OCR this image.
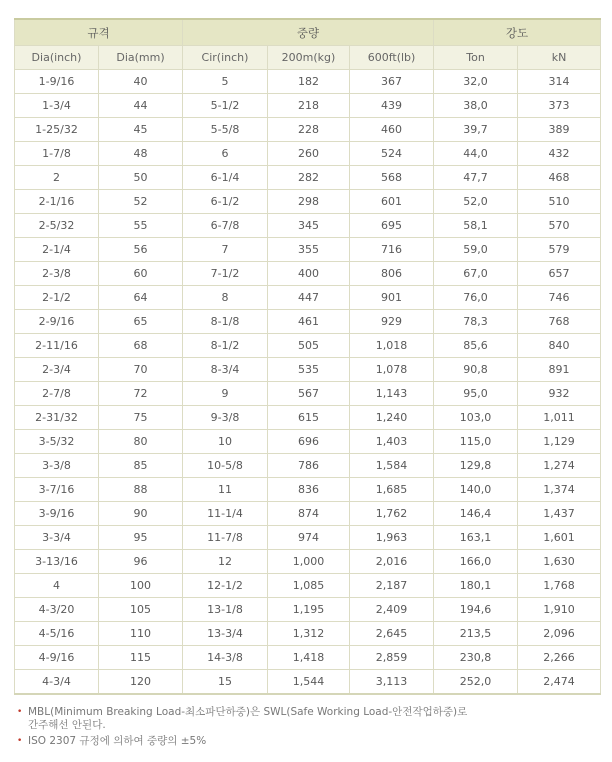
규격		중량			강도	
Dia(inch)	Dia(mm)	Cir(inch)	200m(kg)	600ft(lb)	Ton	kN
1-9/16	40	5	182	367	32,0	314
1-3/4	44	5-1/2	218	439	38,0	373
1-25/32	45	5-5/8	228	460	39,7	389
1-7/8	48	6	260	524	44,0	432
2	50	6-1/4	282	568	47,7	468
2-1/16	52	6-1/2	298	601	52,0	510
2-5/32	55	6-7/8	345	695	58,1	570
2-1/4	56	7	355	716	59,0	579
2-3/8	60	7-1/2	400	806	67,0	657
2-1/2	64	8	447	901	76,0	746
2-9/16	65	8-1/8	461	929	78,3	768
2-11/16	68	8-1/2	505	1,018	85,6	840
2-3/4	70	8-3/4	535	1,078	90,8	891
2-7/8	72	9	567	1,143	95,0	932
2-31/32	75	9-3/8	615	1,240	103,0	1,011
3-5/32	80	10	696	1,403	115,0	1,129
3-3/8	85	10-5/8	786	1,584	129,8	1,274
3-7/16	88	11	836	1,685	140,0	1,374
3-9/16	90	11-1/4	874	1,762	146,4	1,437
3-3/4	95	11-7/8	974	1,963	163,1	1,601
3-13/16	96	12	1,000	2,016	166,0	1,630
4	100	12-1/2	1,085	2,187	180,1	1,768
4-3/20	105	13-1/8	1,195	2,409	194,6	1,910
4-5/16	110	13-3/4	1,312	2,645	213,5	2,096
4-9/16	115	14-3/8	1,418	2,859	230,8	2,266
4-3/4	120	15	1,544	3,113	252,0	2,474
• MBL(Minimum Breaking Load-최소파단하중)은 SWL(Safe Working Load-안전작업하중)로
간주해선 안된다.
• ISO 2307 규정에 의하여 중량의 ±5%
